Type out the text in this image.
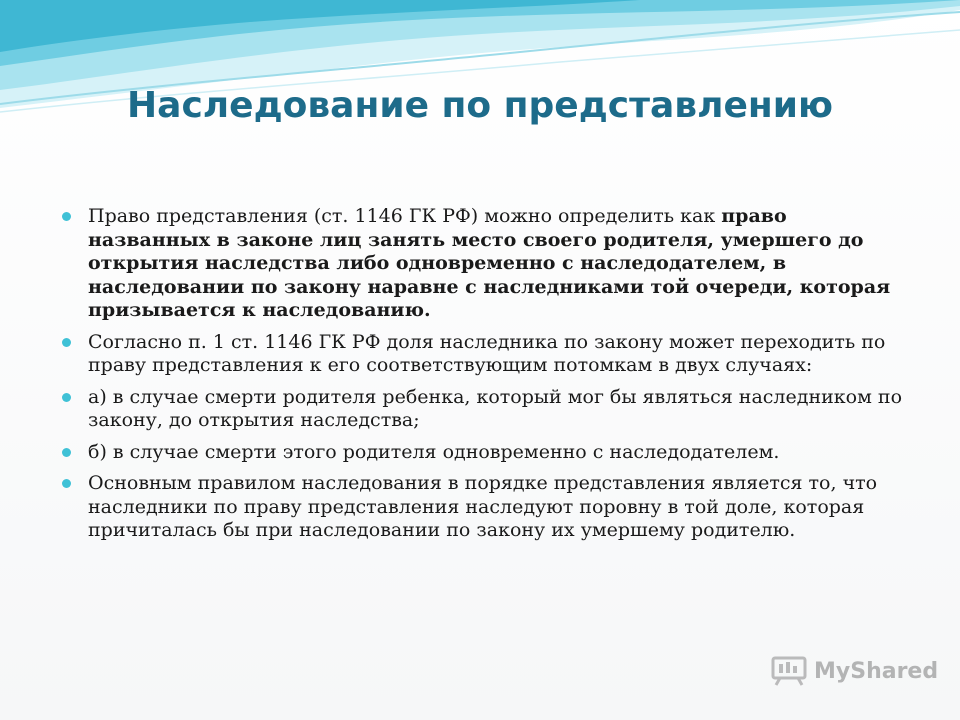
Наследование по представлению
Право представления (ст. 1146 ГК РФ) можно определить как право названных в законе лиц занять место своего родителя, умершего до открытия наследства либо одновременно с наследодателем, в наследовании по закону наравне с наследниками той очереди, которая призывается к наследованию.
Согласно п. 1 ст. 1146 ГК РФ доля наследника по закону может переходить по праву представления к его соответствующим потомкам в двух случаях:
а) в случае смерти родителя ребенка, который мог бы являться наследником по закону, до открытия наследства;
б) в случае смерти этого родителя одновременно с наследодателем.
Основным правилом наследования в порядке представления является то, что наследники по праву представления наследуют поровну в той доле, которая причиталась бы при наследовании по закону их умершему родителю.
MyShared
